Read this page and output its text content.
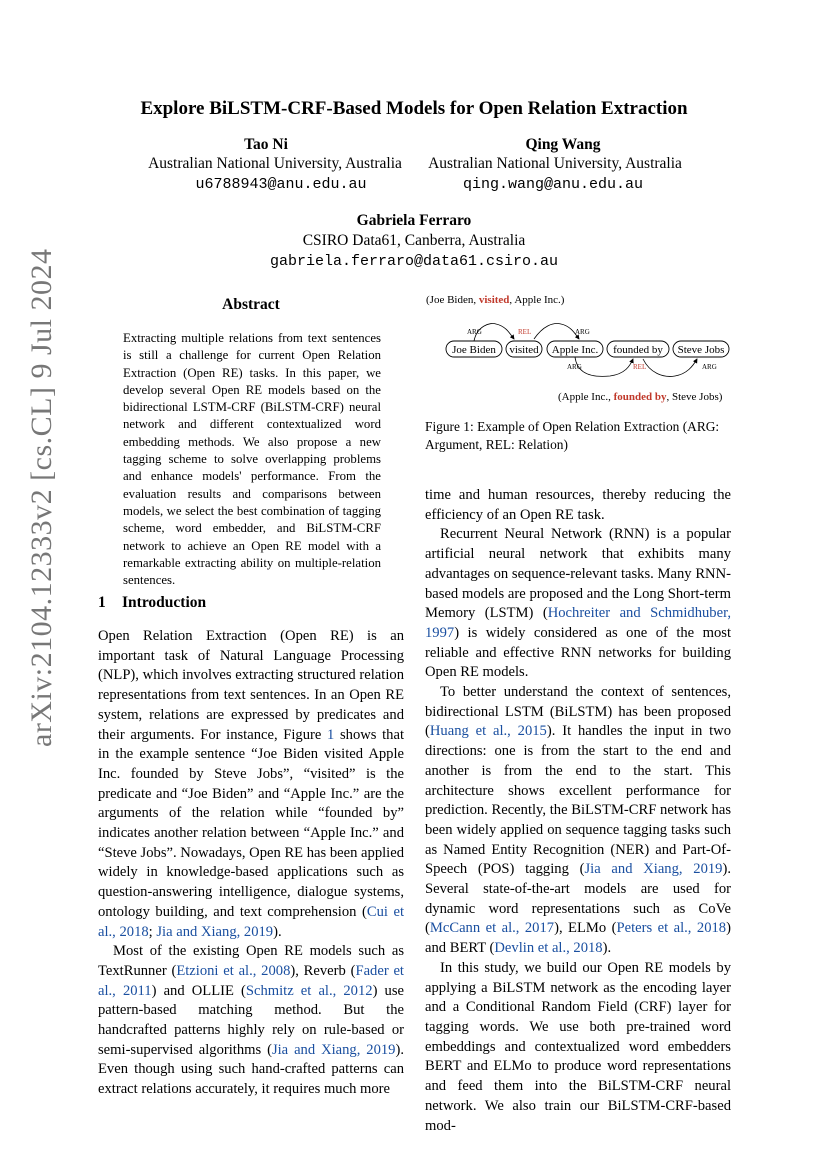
arXiv:2104.12333v2 [cs.CL] 9 Jul 2024
Explore BiLSTM-CRF-Based Models for Open Relation Extraction
Tao Ni	Qing Wang
Australian National University, Australia	Australian National University, Australia
u6788943@anu.edu.au	qing.wang@anu.edu.au
Gabriela Ferraro
CSIRO Data61, Canberra, Australia
gabriela.ferraro@data61.csiro.au
Abstract
Extracting multiple relations from text sentences is still a challenge for current Open Relation Extraction (Open RE) tasks. In this paper, we develop several Open RE models based on the bidirectional LSTM-CRF (BiLSTM-CRF) neural network and different contextualized word embedding methods. We also propose a new tagging scheme to solve overlapping problems and enhance models' performance. From the evaluation results and comparisons between models, we select the best combination of tagging scheme, word embedder, and BiLSTM-CRF network to achieve an Open RE model with a remarkable extracting ability on multiple-relation sentences.
(Joe Biden, visited, Apple Inc.)
Joe Biden visited Apple Inc. founded by Steve Jobs
ARG	REL	ARG
ARG	REL	ARG
(Apple Inc., founded by, Steve Jobs)
Figure 1: Example of Open Relation Extraction (ARG: Argument, REL: Relation)
1 Introduction

Open Relation Extraction (Open RE) is an important task of Natural Language Processing (NLP), which involves extracting structured relation representations from text sentences. In an Open RE system, relations are expressed by predicates and their arguments. For instance, Figure 1 shows that in the example sentence “Joe Biden visited Apple Inc. founded by Steve Jobs”, “visited” is the predicate and “Joe Biden” and “Apple Inc.” are the arguments of the relation while “founded by” indicates another relation between “Apple Inc.” and “Steve Jobs”. Nowadays, Open RE has been applied widely in knowledge-based applications such as question-answering intelligence, dialogue systems, ontology building, and text comprehension (Cui et al., 2018; Jia and Xiang, 2019).

Most of the existing Open RE models such as TextRunner (Etzioni et al., 2008), Reverb (Fader et al., 2011) and OLLIE (Schmitz et al., 2012) use pattern-based matching method. But the handcrafted patterns highly rely on rule-based or semi-supervised algorithms (Jia and Xiang, 2019). Even though using such hand-crafted patterns can extract relations accurately, it requires much more

time and human resources, thereby reducing the efficiency of an Open RE task.

Recurrent Neural Network (RNN) is a popular artificial neural network that exhibits many advantages on sequence-relevant tasks. Many RNN-based models are proposed and the Long Short-term Memory (LSTM) (Hochreiter and Schmidhuber, 1997) is widely considered as one of the most reliable and effective RNN networks for building Open RE models.

To better understand the context of sentences, bidirectional LSTM (BiLSTM) has been proposed (Huang et al., 2015). It handles the input in two directions: one is from the start to the end and another is from the end to the start. This architecture shows excellent performance for prediction. Recently, the BiLSTM-CRF network has been widely applied on sequence tagging tasks such as Named Entity Recognition (NER) and Part-Of-Speech (POS) tagging (Jia and Xiang, 2019). Several state-of-the-art models are used for dynamic word representations such as CoVe (McCann et al., 2017), ELMo (Peters et al., 2018) and BERT (Devlin et al., 2018).

In this study, we build our Open RE models by applying a BiLSTM network as the encoding layer and a Conditional Random Field (CRF) layer for tagging words. We use both pre-trained word embeddings and contextualized word embedders BERT and ELMo to produce word representations and feed them into the BiLSTM-CRF neural network. We also train our BiLSTM-CRF-based mod-
